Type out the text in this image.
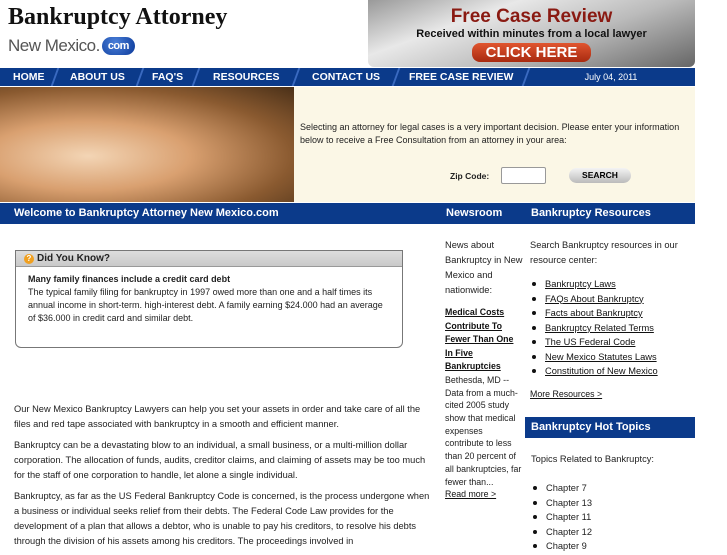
Bankruptcy Attorney
New Mexico. com
Free Case Review
Received within minutes from a local lawyer
CLICK HERE
HOME	ABOUT US	FAQ'S	RESOURCES	CONTACT US	FREE CASE REVIEW	July 04, 2011

Selecting an attorney for legal cases is a very important decision. Please enter your information below to receive a Free Consultation from an attorney in your area:

Zip Code:	SEARCH
Welcome to Bankruptcy Attorney New Mexico.com	Newsroom	Bankruptcy Resources
? Did You Know?
Many family finances include a credit card debt
The typical family filing for bankruptcy in 1997 owed more than one and a half times its annual income in short-term. high-interest debt. A family earning $24.000 had an average of $36.000 in credit card and similar debt.

Our New Mexico Bankruptcy Lawyers can help you set your assets in order and take care of all the files and red tape associated with bankruptcy in a smooth and efficient manner.

Bankruptcy can be a devastating blow to an individual, a small business, or a multi-million dollar corporation. The allocation of funds, audits, creditor claims, and claiming of assets may be too much for the staff of one corporation to handle, let alone a single individual.

Bankruptcy, as far as the US Federal Bankruptcy Code is concerned, is the process undergone when a business or individual seeks relief from their debts. The Federal Code Law provides for the development of a plan that allows a debtor, who is unable to pay his creditors, to resolve his debts through the division of his assets among his creditors. The proceedings involved in

News about Bankruptcy in New Mexico and nationwide:
Medical Costs Contribute To Fewer Than One In Five Bankruptcies
Bethesda, MD -- Data from a much-cited 2005 study show that medical expenses contribute to less than 20 percent of all bankruptcies, far fewer than...
Read more >
Search Bankruptcy resources in our resource center:
Bankruptcy Laws
FAQs About Bankruptcy
Facts about Bankruptcy
Bankruptcy Related Terms
The US Federal Code
New Mexico Statutes Laws
Constitution of New Mexico
More Resources >
Bankruptcy Hot Topics
Topics Related to Bankruptcy:
Chapter 7
Chapter 13
Chapter 11
Chapter 12
Chapter 9
